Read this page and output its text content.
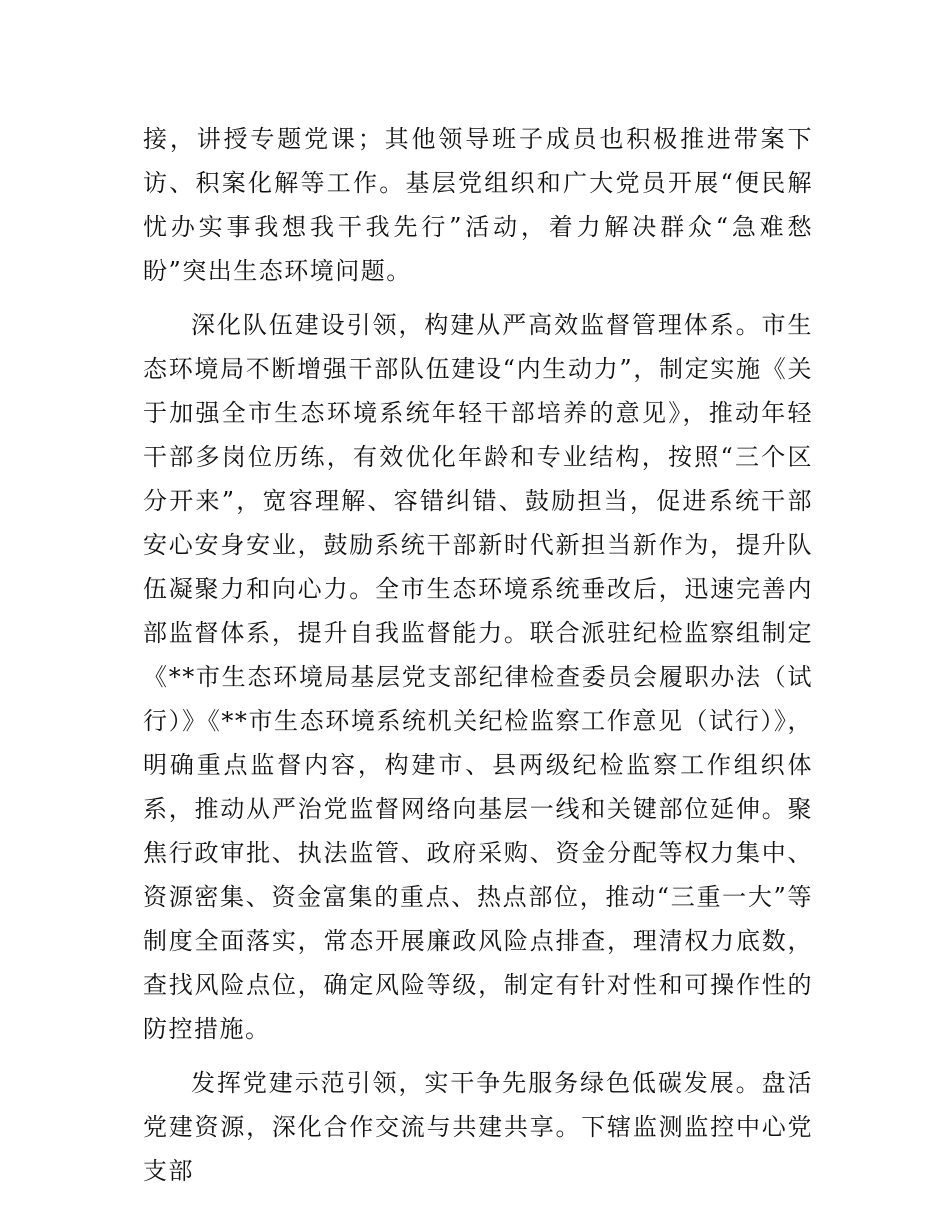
接，讲授专题党课；其他领导班子成员也积极推进带案下访、积案化解等工作。基层党组织和广大党员开展“便民解忧办实事我想我干我先行”活动，着力解决群众“急难愁盼”突出生态环境问题。

深化队伍建设引领，构建从严高效监督管理体系。市生态环境局不断增强干部队伍建设“内生动力”，制定实施《关于加强全市生态环境系统年轻干部培养的意见》，推动年轻干部多岗位历练，有效优化年龄和专业结构，按照“三个区分开来”，宽容理解、容错纠错、鼓励担当，促进系统干部安心安身安业，鼓励系统干部新时代新担当新作为，提升队伍凝聚力和向心力。全市生态环境系统垂改后，迅速完善内部监督体系，提升自我监督能力。联合派驻纪检监察组制定《**市生态环境局基层党支部纪律检查委员会履职办法（试行）》《**市生态环境系统机关纪检监察工作意见（试行）》，明确重点监督内容，构建市、县两级纪检监察工作组织体系，推动从严治党监督网络向基层一线和关键部位延伸。聚焦行政审批、执法监管、政府采购、资金分配等权力集中、资源密集、资金富集的重点、热点部位，推动“三重一大”等制度全面落实，常态开展廉政风险点排查，理清权力底数，查找风险点位，确定风险等级，制定有针对性和可操作性的防控措施。

发挥党建示范引领，实干争先服务绿色低碳发展。盘活党建资源，深化合作交流与共建共享。下辖监测监控中心党支部
